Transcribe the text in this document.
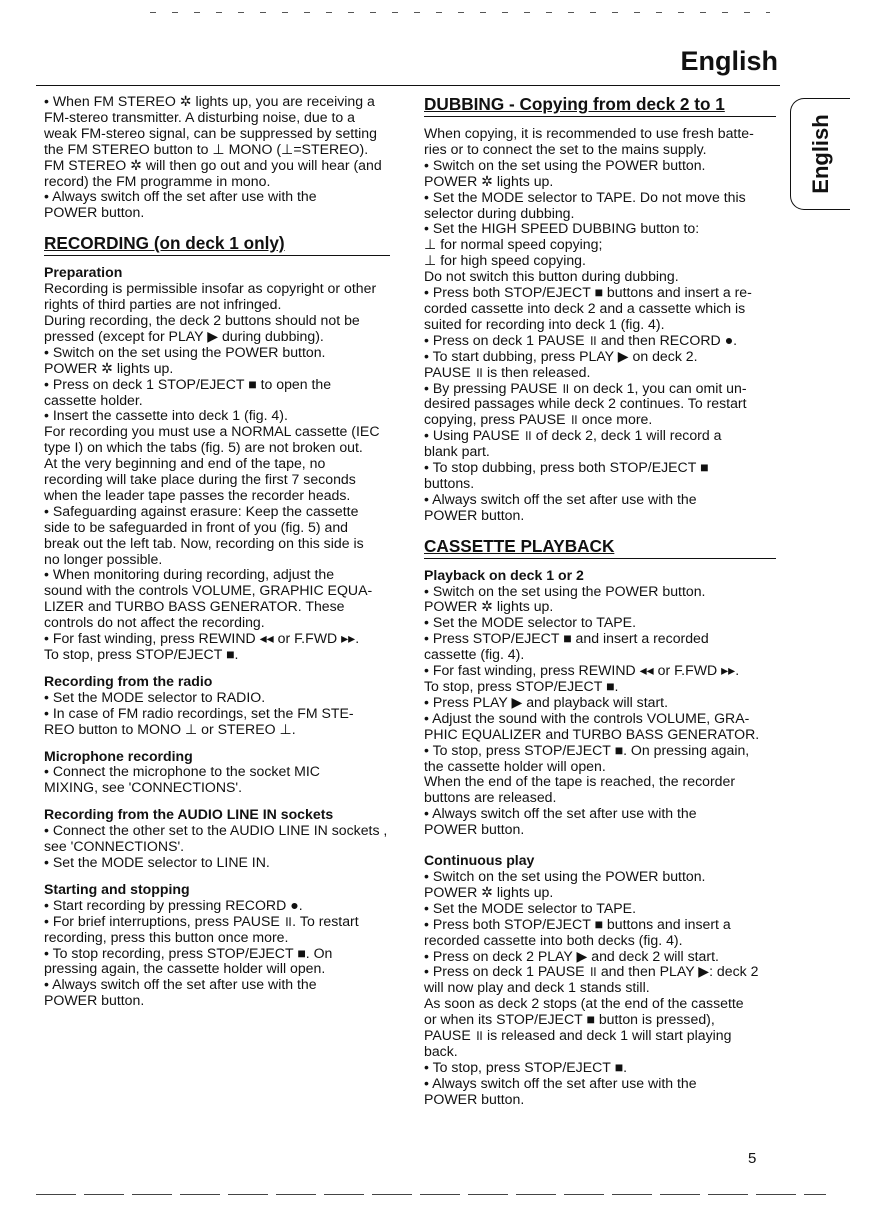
English
English
• When FM STEREO ✲ lights up, you are receiving a
FM-stereo transmitter. A disturbing noise, due to a
weak FM-stereo signal, can be suppressed by setting
the FM STEREO button to ⊥ MONO (⊥=STEREO).
FM STEREO ✲ will then go out and you will hear (and
record) the FM programme in mono.
• Always switch off the set after use with the
POWER button.
RECORDING (on deck 1 only)
Preparation
Recording is permissible insofar as copyright or other
rights of third parties are not infringed.
During recording, the deck 2 buttons should not be
pressed (except for PLAY ▶ during dubbing).
• Switch on the set using the POWER button.
POWER ✲ lights up.
• Press on deck 1 STOP/EJECT ■ to open the
cassette holder.
• Insert the cassette into deck 1 (fig. 4).
For recording you must use a NORMAL cassette (IEC
type I) on which the tabs (fig. 5) are not broken out.
At the very beginning and end of the tape, no
recording will take place during the first 7 seconds
when the leader tape passes the recorder heads.
• Safeguarding against erasure: Keep the cassette
side to be safeguarded in front of you (fig. 5) and
break out the left tab. Now, recording on this side is
no longer possible.
• When monitoring during recording, adjust the
sound with the controls VOLUME, GRAPHIC EQUA-
LIZER and TURBO BASS GENERATOR. These
controls do not affect the recording.
• For fast winding, press REWIND ◂◂ or F.FWD ▸▸.
To stop, press STOP/EJECT ■.
Recording from the radio
• Set the MODE selector to RADIO.
• In case of FM radio recordings, set the FM STE-
REO button to MONO ⊥ or STEREO ⊥.
Microphone recording
• Connect the microphone to the socket MIC
MIXING, see 'CONNECTIONS'.
Recording from the AUDIO LINE IN sockets
• Connect the other set to the AUDIO LINE IN sockets ,
see 'CONNECTIONS'.
• Set the MODE selector to LINE IN.
Starting and stopping
• Start recording by pressing RECORD ●.
• For brief interruptions, press PAUSE ॥. To restart
recording, press this button once more.
• To stop recording, press STOP/EJECT ■. On
pressing again, the cassette holder will open.
• Always switch off the set after use with the
POWER button.
DUBBING - Copying from deck 2 to 1
When copying, it is recommended to use fresh batte-
ries or to connect the set to the mains supply.
• Switch on the set using the POWER button.
POWER ✲ lights up.
• Set the MODE selector to TAPE. Do not move this
selector during dubbing.
• Set the HIGH SPEED DUBBING button to:
⊥ for normal speed copying;
⊥ for high speed copying.
Do not switch this button during dubbing.
• Press both STOP/EJECT ■ buttons and insert a re-
corded cassette into deck 2 and a cassette which is
suited for recording into deck 1 (fig. 4).
• Press on deck 1 PAUSE ॥ and then RECORD ●.
• To start dubbing, press PLAY ▶ on deck 2.
PAUSE ॥ is then released.
• By pressing PAUSE ॥ on deck 1, you can omit un-
desired passages while deck 2 continues. To restart
copying, press PAUSE ॥ once more.
• Using PAUSE ॥ of deck 2, deck 1 will record a
blank part.
• To stop dubbing, press both STOP/EJECT ■
buttons.
• Always switch off the set after use with the
POWER button.
CASSETTE PLAYBACK
Playback on deck 1 or 2
• Switch on the set using the POWER button.
POWER ✲ lights up.
• Set the MODE selector to TAPE.
• Press STOP/EJECT ■ and insert a recorded
cassette (fig. 4).
• For fast winding, press REWIND ◂◂ or F.FWD ▸▸.
To stop, press STOP/EJECT ■.
• Press PLAY ▶ and playback will start.
• Adjust the sound with the controls VOLUME, GRA-
PHIC EQUALIZER and TURBO BASS GENERATOR.
• To stop, press STOP/EJECT ■. On pressing again,
the cassette holder will open.
When the end of the tape is reached, the recorder
buttons are released.
• Always switch off the set after use with the
POWER button.
Continuous play
• Switch on the set using the POWER button.
POWER ✲ lights up.
• Set the MODE selector to TAPE.
• Press both STOP/EJECT ■ buttons and insert a
recorded cassette into both decks (fig. 4).
• Press on deck 2 PLAY ▶ and deck 2 will start.
• Press on deck 1 PAUSE ॥ and then PLAY ▶: deck 2
will now play and deck 1 stands still.
As soon as deck 2 stops (at the end of the cassette
or when its STOP/EJECT ■ button is pressed),
PAUSE ॥ is released and deck 1 will start playing
back.
• To stop, press STOP/EJECT ■.
• Always switch off the set after use with the
POWER button.
5
